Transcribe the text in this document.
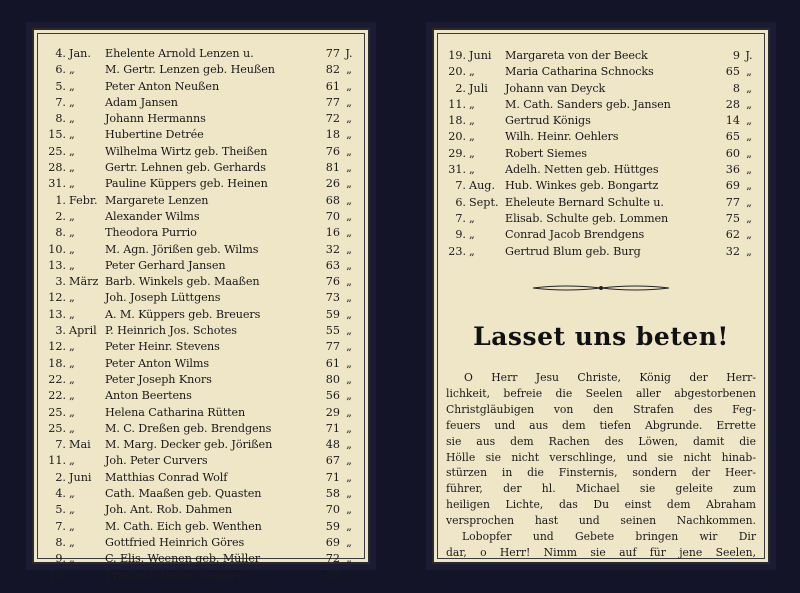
4. Jan.	Ehelente Arnold Lenzen u.	77 J.
6. „	M. Gertr. Lenzen geb. Heußen	82 „
5. „	Peter Anton Neußen	61 „
7. „	Adam Jansen	77 „
8. „	Johann Hermanns	72 „
15. „	Hubertine Detrée	18 „
25. „	Wilhelma Wirtz geb. Theißen	76 „
28. „	Gertr. Lehnen geb. Gerhards	81 „
31. „	Pauline Küppers geb. Heinen	26 „
1. Febr. Margarete Lenzen	68 „
2. „	Alexander Wilms	70 „
8. „	Theodora Purrio	16 „
10. „	M. Agn. Jörißen geb. Wilms	32 „
13. „	Peter Gerhard Jansen	63 „
3. März Barb. Winkels geb. Maaßen	76 „
12. „	Joh. Joseph Lüttgens	73 „
13. „	A. M. Küppers geb. Breuers	59 „
3. April P. Heinrich Jos. Schotes	55 „
12. „	Peter Heinr. Stevens	77 „
18. „	Peter Anton Wilms	61 „
22. „	Peter Joseph Knors	80 „
22. „	Anton Beertens	56 „
25. „	Helena Catharina Rütten	29 „
25. „	M. C. Dreßen geb. Brendgens	71 „
7. Mai	M. Marg. Decker geb. Jörißen	48 „
11. „	Joh. Peter Curvers	67 „
2. Juni	Matthias Conrad Wolf	71 „
4. „	Cath. Maaßen geb. Quasten	58 „
5. „	Joh. Ant. Rob. Dahmen	70 „
7. „	M. Cath. Eich geb. Wenthen	59 „
8. „	Gottfried Heinrich Göres	69 „
9. „	C. Elis. Weenen geb. Müller	72 „
18. „	Friedrich Heinr. Stappen	68 „
19. Juni	Margareta von der Beeck	9 J.
20. „	Maria Catharina Schnocks	65 „
2. Juli	Johann van Deyck	8 „
11. „	M. Cath. Sanders geb. Jansen	28 „
18. „	Gertrud Königs	14 „
20. „	Wilh. Heinr. Oehlers	65 „
29. „	Robert Siemes	60 „
31. „	Adelh. Netten geb. Hüttges	36 „
7. Aug. Hub. Winkes geb. Bongartz	69 „
6. Sept. Eheleute Bernard Schulte u.	77 „
7. „	Elisab. Schulte geb. Lommen	75 „
9. „	Conrad Jacob Brendgens	62 „
23. „	Gertrud Blum geb. Burg	32 „
Lasset uns beten!
O Herr Jesu Christe, König der Herr-
lichkeit, befreie die Seelen aller abgestorbenen
Christgläubigen von den Strafen des Feg-
feuers und aus dem tiefen Abgrunde. Errette
sie aus dem Rachen des Löwen, damit die
Hölle sie nicht verschlinge, und sie nicht hinab-
stürzen in die Finsternis, sondern der Heer-
führer, der hl. Michael sie geleite zum
heiligen Lichte, das Du einst dem Abraham
versprochen hast und seinen Nachkommen.
Lobopfer und Gebete bringen wir Dir
dar, o Herr! Nimm sie auf für jene Seelen,
